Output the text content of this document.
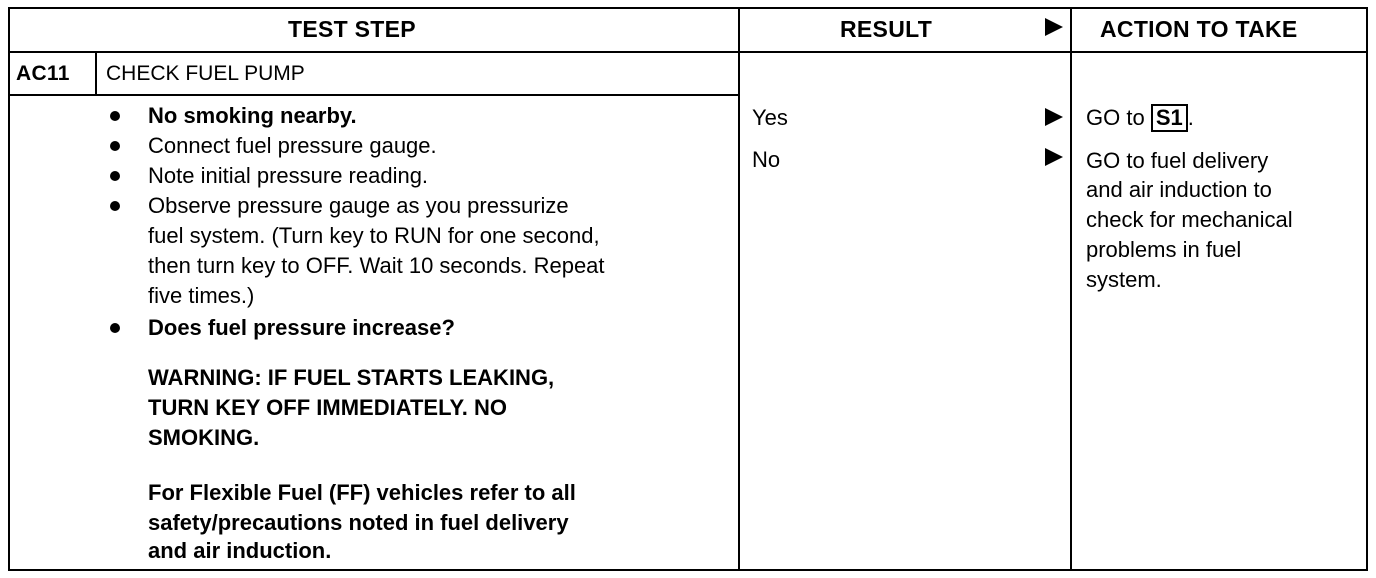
TEST STEP	RESULT	ACTION TO TAKE
AC11 CHECK FUEL PUMP
No smoking nearby.
Connect fuel pressure gauge.
Note initial pressure reading.
Observe pressure gauge as you pressurize
fuel system. (Turn key to RUN for one second,
then turn key to OFF. Wait 10 seconds. Repeat
five times.)
Does fuel pressure increase?
WARNING: IF FUEL STARTS LEAKING,
TURN KEY OFF IMMEDIATELY. NO
SMOKING.
For Flexible Fuel (FF) vehicles refer to all
safety/precautions noted in fuel delivery
and air induction.
Yes
No
GO to S1 .
GO to fuel delivery
and air induction to
check for mechanical
problems in fuel
system.
